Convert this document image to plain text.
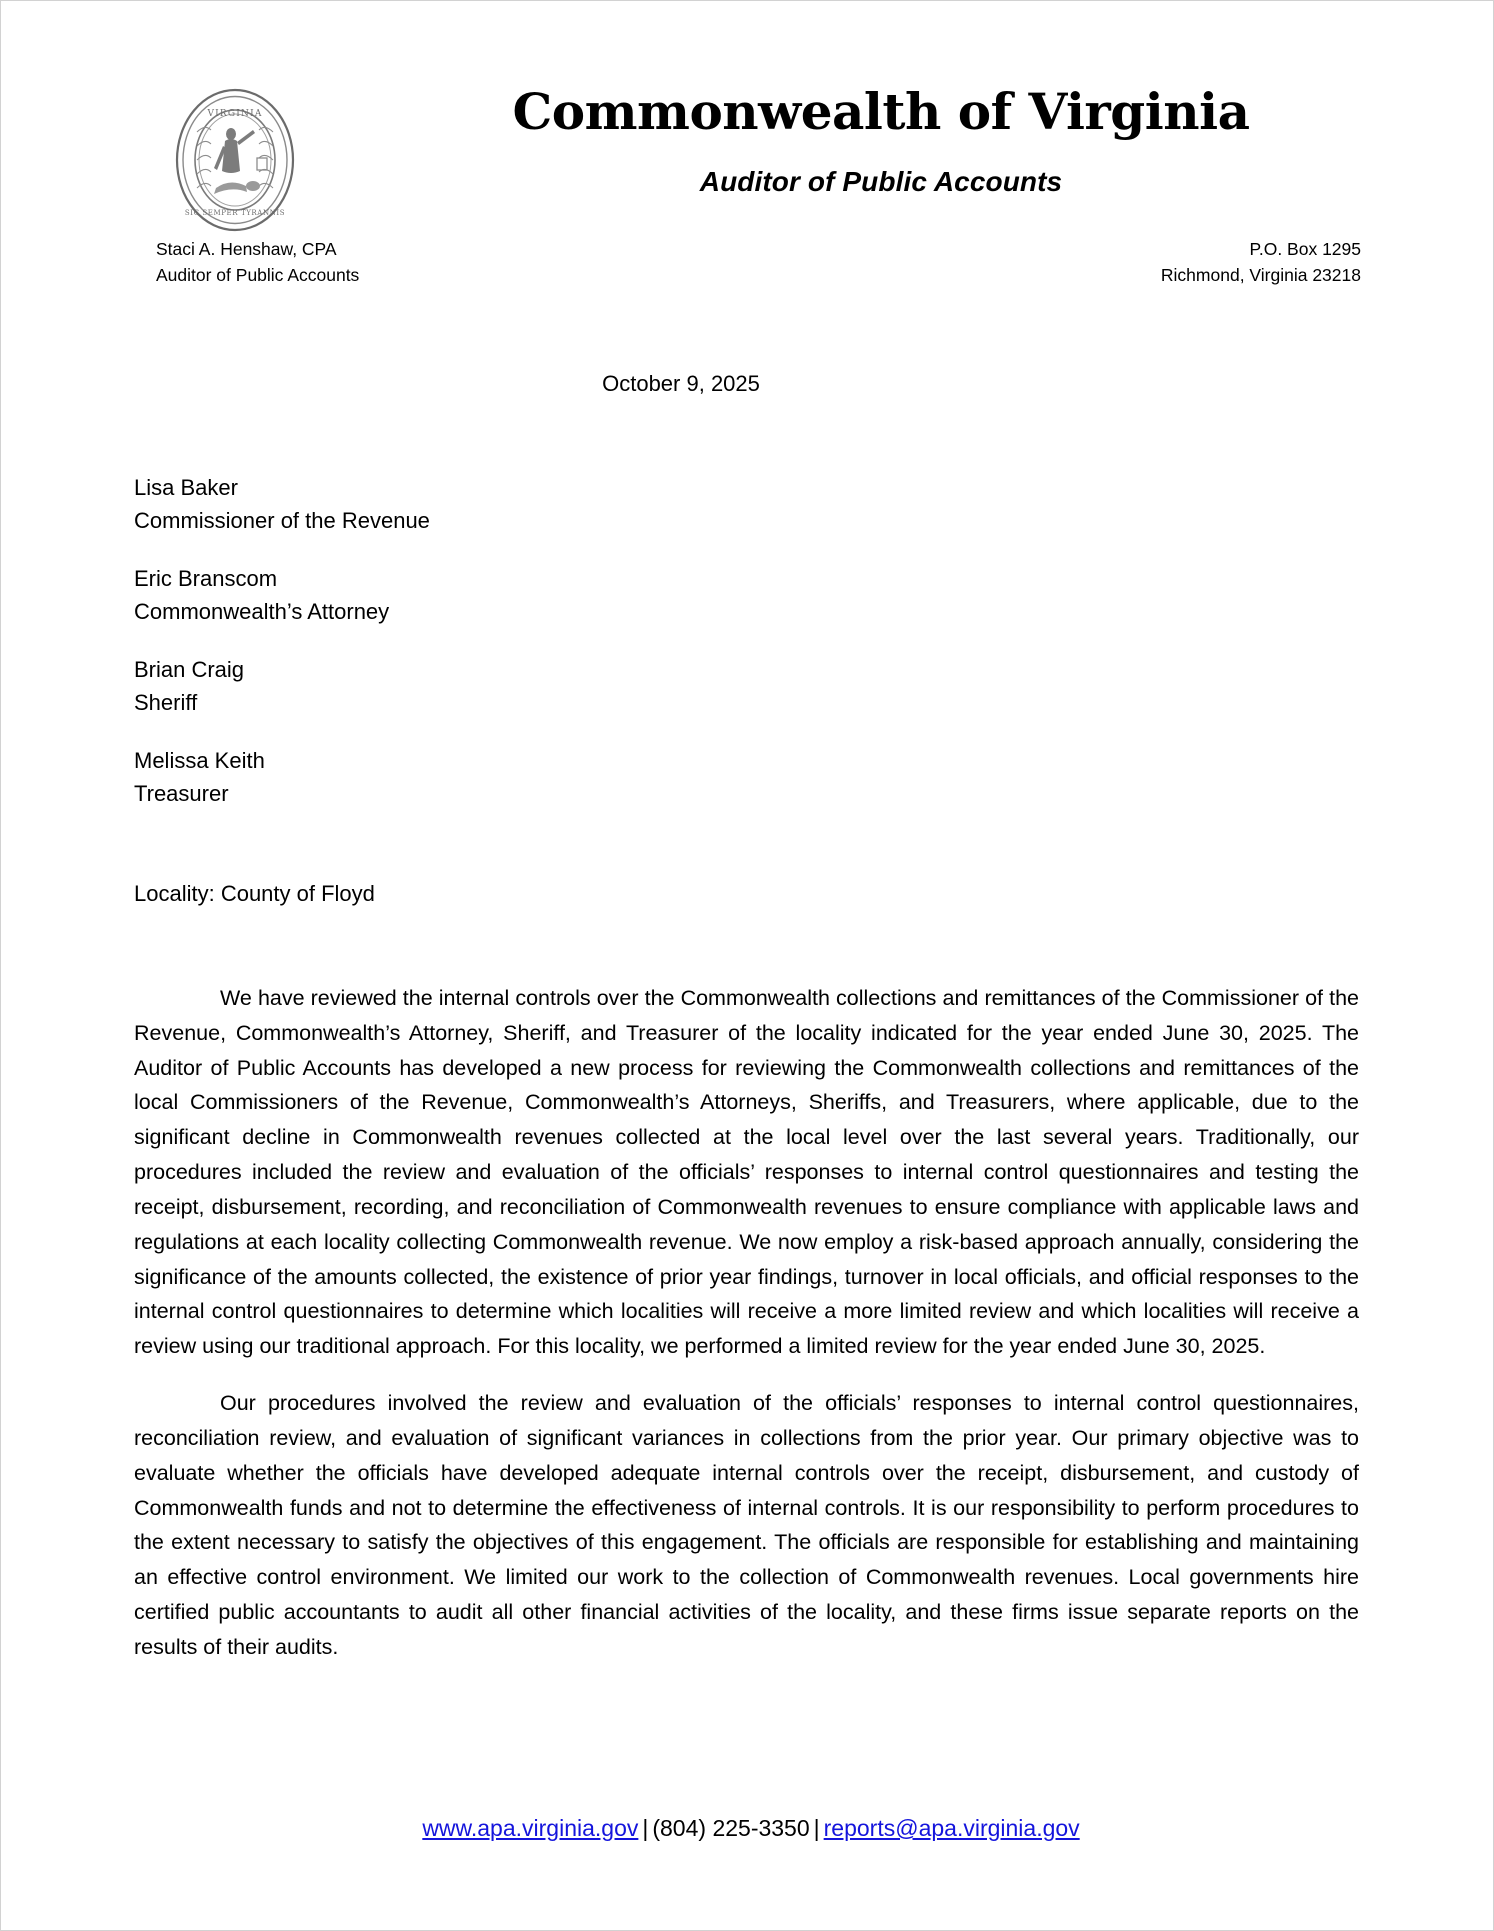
VIRGINIA
SIC SEMPER TYRANNIS
Commonwealth of Virginia
Auditor of Public Accounts
Staci A. Henshaw, CPA
Auditor of Public Accounts
P.O. Box 1295
Richmond, Virginia 23218
October 9, 2025
Lisa Baker
Commissioner of the Revenue
Eric Branscom
Commonwealth’s Attorney
Brian Craig
Sheriff
Melissa Keith
Treasurer
Locality: County of Floyd

We have reviewed the internal controls over the Commonwealth collections and remittances of the Commissioner of the Revenue, Commonwealth’s Attorney, Sheriff, and Treasurer of the locality indicated for the year ended June 30, 2025. The Auditor of Public Accounts has developed a new process for reviewing the Commonwealth collections and remittances of the local Commissioners of the Revenue, Commonwealth’s Attorneys, Sheriffs, and Treasurers, where applicable, due to the significant decline in Commonwealth revenues collected at the local level over the last several years. Traditionally, our procedures included the review and evaluation of the officials’ responses to internal control questionnaires and testing the receipt, disbursement, recording, and reconciliation of Commonwealth revenues to ensure compliance with applicable laws and regulations at each locality collecting Commonwealth revenue. We now employ a risk-based approach annually, considering the significance of the amounts collected, the existence of prior year findings, turnover in local officials, and official responses to the internal control questionnaires to determine which localities will receive a more limited review and which localities will receive a review using our traditional approach. For this locality, we performed a limited review for the year ended June 30, 2025.

Our procedures involved the review and evaluation of the officials’ responses to internal control questionnaires, reconciliation review, and evaluation of significant variances in collections from the prior year. Our primary objective was to evaluate whether the officials have developed adequate internal controls over the receipt, disbursement, and custody of Commonwealth funds and not to determine the effectiveness of internal controls. It is our responsibility to perform procedures to the extent necessary to satisfy the objectives of this engagement. The officials are responsible for establishing and maintaining an effective control environment. We limited our work to the collection of Commonwealth revenues. Local governments hire certified public accountants to audit all other financial activities of the locality, and these firms issue separate reports on the results of their audits.

www.apa.virginia.gov | (804) 225-3350 | reports@apa.virginia.gov
